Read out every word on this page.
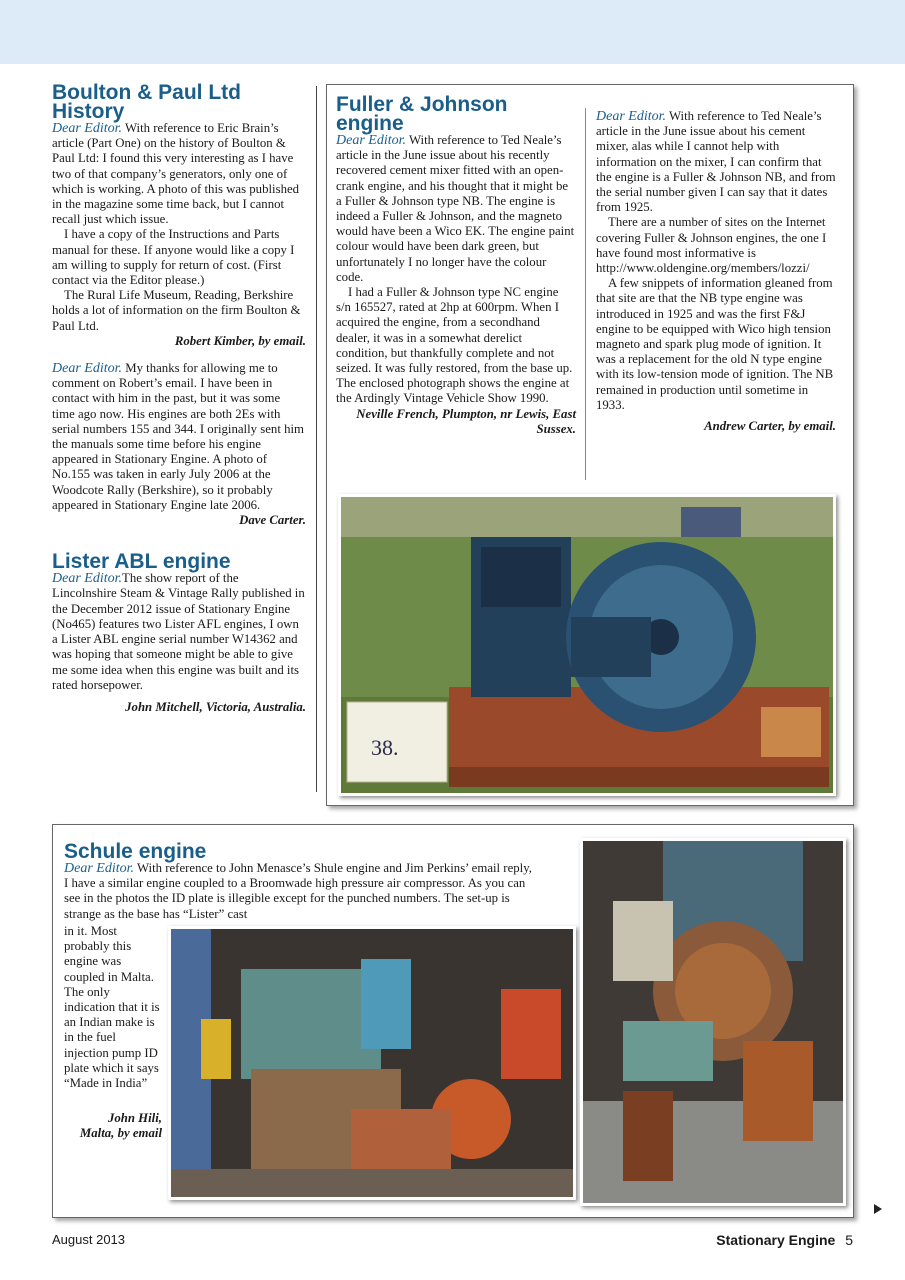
Boulton & Paul Ltd History

Dear Editor. With reference to Eric Brain’s article (Part One) on the history of Boulton & Paul Ltd: I found this very interesting as I have two of that company’s generators, only one of which is working. A photo of this was published in the magazine some time back, but I cannot recall just which issue.

I have a copy of the Instructions and Parts manual for these. If anyone would like a copy I am willing to supply for return of cost. (First contact via the Editor please.)

The Rural Life Museum, Reading, Berkshire holds a lot of information on the firm Boulton & Paul Ltd.

Robert Kimber, by email.

Dear Editor. My thanks for allowing me to comment on Robert’s email. I have been in contact with him in the past, but it was some time ago now. His engines are both 2Es with serial numbers 155 and 344. I originally sent him the manuals some time before his engine appeared in Stationary Engine. A photo of No.155 was taken in early July 2006 at the Woodcote Rally (Berkshire), so it probably appeared in Stationary Engine late 2006.

Dave Carter.

Lister ABL engine

Dear Editor.The show report of the Lincolnshire Steam & Vintage Rally published in the December 2012 issue of Stationary Engine (No465) features two Lister AFL engines, I own a Lister ABL engine serial number W14362 and was hoping that someone might be able to give me some idea when this engine was built and its rated horsepower.

John Mitchell, Victoria, Australia.

Fuller & Johnson engine

Dear Editor. With reference to Ted Neale’s article in the June issue about his recently recovered cement mixer fitted with an open-crank engine, and his thought that it might be a Fuller & Johnson type NB. The engine is indeed a Fuller & Johnson, and the magneto would have been a Wico EK. The engine paint colour would have been dark green, but unfortunately I no longer have the colour code.

I had a Fuller & Johnson type NC engine s/n 165527, rated at 2hp at 600rpm. When I acquired the engine, from a secondhand dealer, it was in a somewhat derelict condition, but thankfully complete and not seized. It was fully restored, from the base up. The enclosed photograph shows the engine at the Ardingly Vintage Vehicle Show 1990.

Neville French, Plumpton, nr Lewis, East Sussex.

Dear Editor. With reference to Ted Neale’s article in the June issue about his cement mixer, alas while I cannot help with information on the mixer, I can confirm that the engine is a Fuller & Johnson NB, and from the serial number given I can say that it dates from 1925.

There are a number of sites on the Internet covering Fuller & Johnson engines, the one I have found most informative is http://www.oldengine.org/members/lozzi/

A few snippets of information gleaned from that site are that the NB type engine was introduced in 1925 and was the first F&J engine to be equipped with Wico high tension magneto and spark plug mode of ignition. It was a replacement for the old N type engine with its low-tension mode of ignition. The NB remained in production until sometime in 1933.

Andrew Carter, by email.

38.
Schule engine

Dear Editor. With reference to John Menasce’s Shule engine and Jim Perkins’ email reply, I have a similar engine coupled to a Broomwade high pressure air compressor. As you can see in the photos the ID plate is illegible except for the punched numbers. The set-up is strange as the base has “Lister” cast

in it. Most probably this engine was coupled in Malta. The only indication that it is an Indian make is in the fuel injection pump ID plate which it says “Made in India”

John Hili, Malta, by email

August 2013	Stationary Engine 5
